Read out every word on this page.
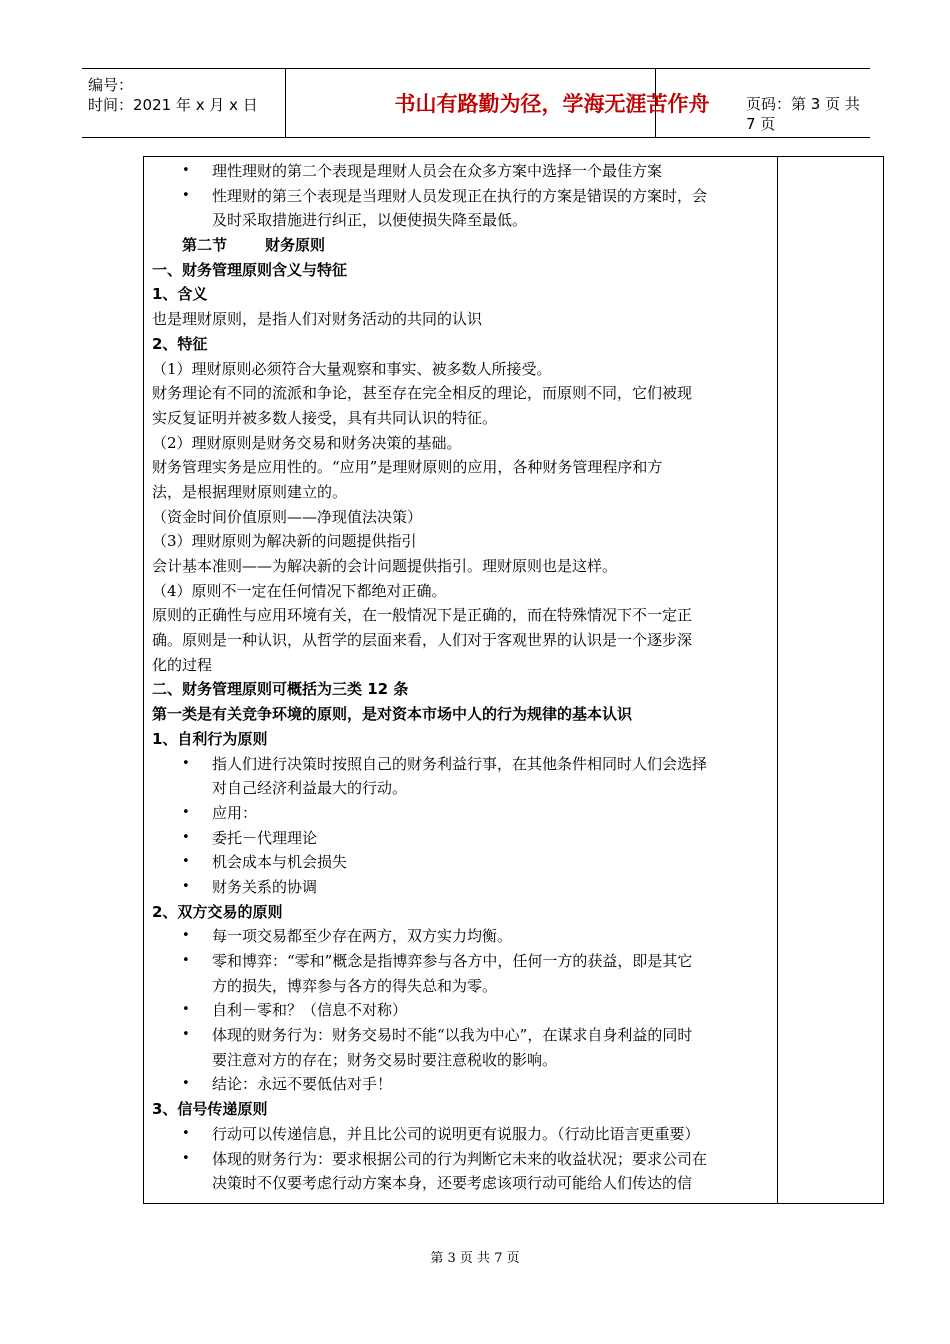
编号：
时间：2021 年 x 月 x 日	书山有路勤为径，学海无涯苦作舟	页码：第 3 页 共 7 页
• 理性理财的第二个表现是理财人员会在众多方案中选择一个最佳方案
• 性理财的第三个表现是当理财人员发现正在执行的方案是错误的方案时，会
及时采取措施进行纠正，以便使损失降至最低。
第二节	财务原则
一、财务管理原则含义与特征
1、含义
也是理财原则，是指人们对财务活动的共同的认识
2、特征
（1）理财原则必须符合大量观察和事实、被多数人所接受。
财务理论有不同的流派和争论，甚至存在完全相反的理论，而原则不同，它们被现
实反复证明并被多数人接受，具有共同认识的特征。
（2）理财原则是财务交易和财务决策的基础。
财务管理实务是应用性的。“应用”是理财原则的应用，各种财务管理程序和方
法，是根据理财原则建立的。
（资金时间价值原则——净现值法决策）
（3）理财原则为解决新的问题提供指引
会计基本准则——为解决新的会计问题提供指引。理财原则也是这样。
（4）原则不一定在任何情况下都绝对正确。
原则的正确性与应用环境有关，在一般情况下是正确的，而在特殊情况下不一定正
确。原则是一种认识，从哲学的层面来看，人们对于客观世界的认识是一个逐步深
化的过程
二、财务管理原则可概括为三类 12 条
第一类是有关竞争环境的原则，是对资本市场中人的行为规律的基本认识
1、自利行为原则
• 指人们进行决策时按照自己的财务利益行事，在其他条件相同时人们会选择
对自己经济利益最大的行动。
• 应用：
• 委托－代理理论
• 机会成本与机会损失
• 财务关系的协调
2、双方交易的原则
• 每一项交易都至少存在两方，双方实力均衡。
• 零和博弈：“零和”概念是指博弈参与各方中，任何一方的获益，即是其它
方的损失，博弈参与各方的得失总和为零。
• 自利－零和？（信息不对称）
• 体现的财务行为：财务交易时不能“以我为中心”，在谋求自身利益的同时
要注意对方的存在；财务交易时要注意税收的影响。
• 结论：永远不要低估对手！
3、信号传递原则
• 行动可以传递信息，并且比公司的说明更有说服力。（行动比语言更重要）
• 体现的财务行为：要求根据公司的行为判断它未来的收益状况；要求公司在
决策时不仅要考虑行动方案本身，还要考虑该项行动可能给人们传达的信
第 3 页 共 7 页
